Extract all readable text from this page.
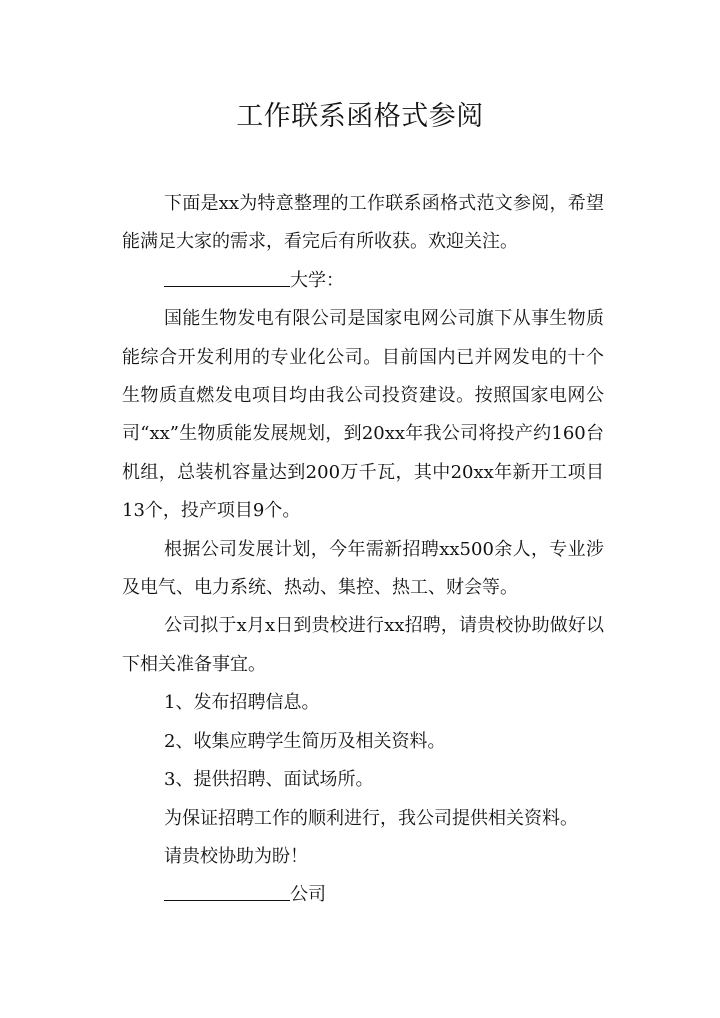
工作联系函格式参阅

下面是xx为特意整理的工作联系函格式范文参阅，希望能满足大家的需求，看完后有所收获。欢迎关注。

大学：

国能生物发电有限公司是国家电网公司旗下从事生物质能综合开发利用的专业化公司。目前国内已并网发电的十个生物质直燃发电项目均由我公司投资建设。按照国家电网公司“xx”生物质能发展规划，到20xx年我公司将投产约160台机组，总装机容量达到200万千瓦，其中20xx年新开工项目13个，投产项目9个。

根据公司发展计划，今年需新招聘xx500余人，专业涉及电气、电力系统、热动、集控、热工、财会等。

公司拟于x月x日到贵校进行xx招聘，请贵校协助做好以下相关准备事宜。

1、发布招聘信息。

2、收集应聘学生简历及相关资料。

3、提供招聘、面试场所。

为保证招聘工作的顺利进行，我公司提供相关资料。

请贵校协助为盼！

公司
